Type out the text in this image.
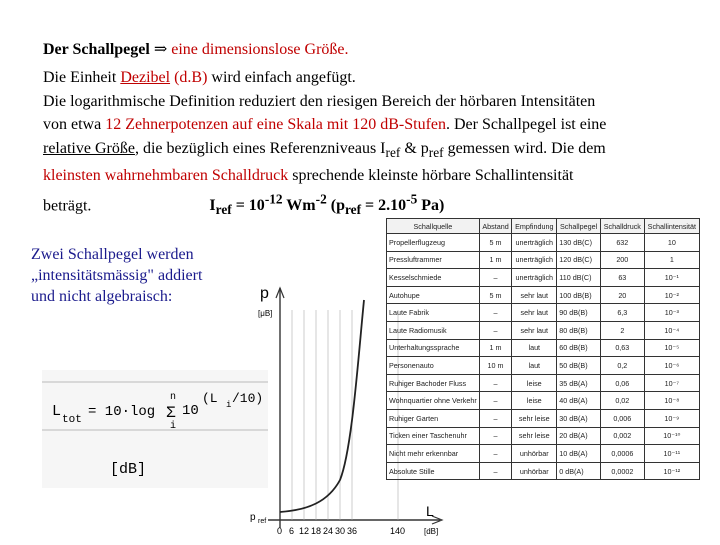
Der Schallpegel ⇒ eine dimensionslose Größe.
Die Einheit Dezibel (d.B) wird einfach angefügt.
Die logarithmische Definition reduziert den riesigen Bereich der hörbaren Intensitäten
von etwa 12 Zehnerpotenzen auf eine Skala mit 120 dB-Stufen. Der Schallpegel ist eine
relative Größe, die bezüglich eines Referenzniveaus $I_{ref}$ & $p_{ref}$ gemessen wird. Die dem
kleinsten wahrnehmbaren Schalldruck sprechende kleinste hörbare Schallintensität
beträgt.	$I_{ref} = 10^{-12}$ $Wm^{-2}$ ($p_{ref} = 2.10^{-5}$ Pa)
Zwei Schallpegel werden
„intensitätsmässig" addiert
und nicht algebraisch:
L tot = 10·log
n
Σ
i
10
(L i /10)
[dB]
p
[μB]
p ref
L
[dB]
0 6 12 18 24 30 36	140
Schallquelle	Abstand	Empfindung	Schallpegel	Schalldruck	Schallintensität
Propellerflugzeug	5 m	unerträglich	130 dB(C)	632	10
Pressluftrammer	1 m	unerträglich	120 dB(C)	200	1
Kesselschmiede	–	unerträglich	110 dB(C)	63	10⁻¹
Autohupe	5 m	sehr laut	100 dB(B)	20	10⁻²
Laute Fabrik	–	sehr laut	90 dB(B)	6,3	10⁻³
Laute Radiomusik	–	sehr laut	80 dB(B)	2	10⁻⁴
Unterhaltungssprache	1 m	laut	60 dB(B)	0,63	10⁻⁵
Personenauto	10 m	laut	50 dB(B)	0,2	10⁻⁶
Ruhiger Bachoder Fluss	–	leise	35 dB(A)	0,06	10⁻⁷
Wohnquartier ohne Verkehr	–	leise	40 dB(A)	0,02	10⁻⁸
Ruhiger Garten	–	sehr leise	30 dB(A)	0,006	10⁻⁹
Ticken einer Taschenuhr	–	sehr leise	20 dB(A)	0,002	10⁻¹⁰
Nicht mehr erkennbar	–	unhörbar	10 dB(A)	0,0006	10⁻¹¹
Absolute Stille	–	unhörbar	0 dB(A)	0,0002	10⁻¹²
